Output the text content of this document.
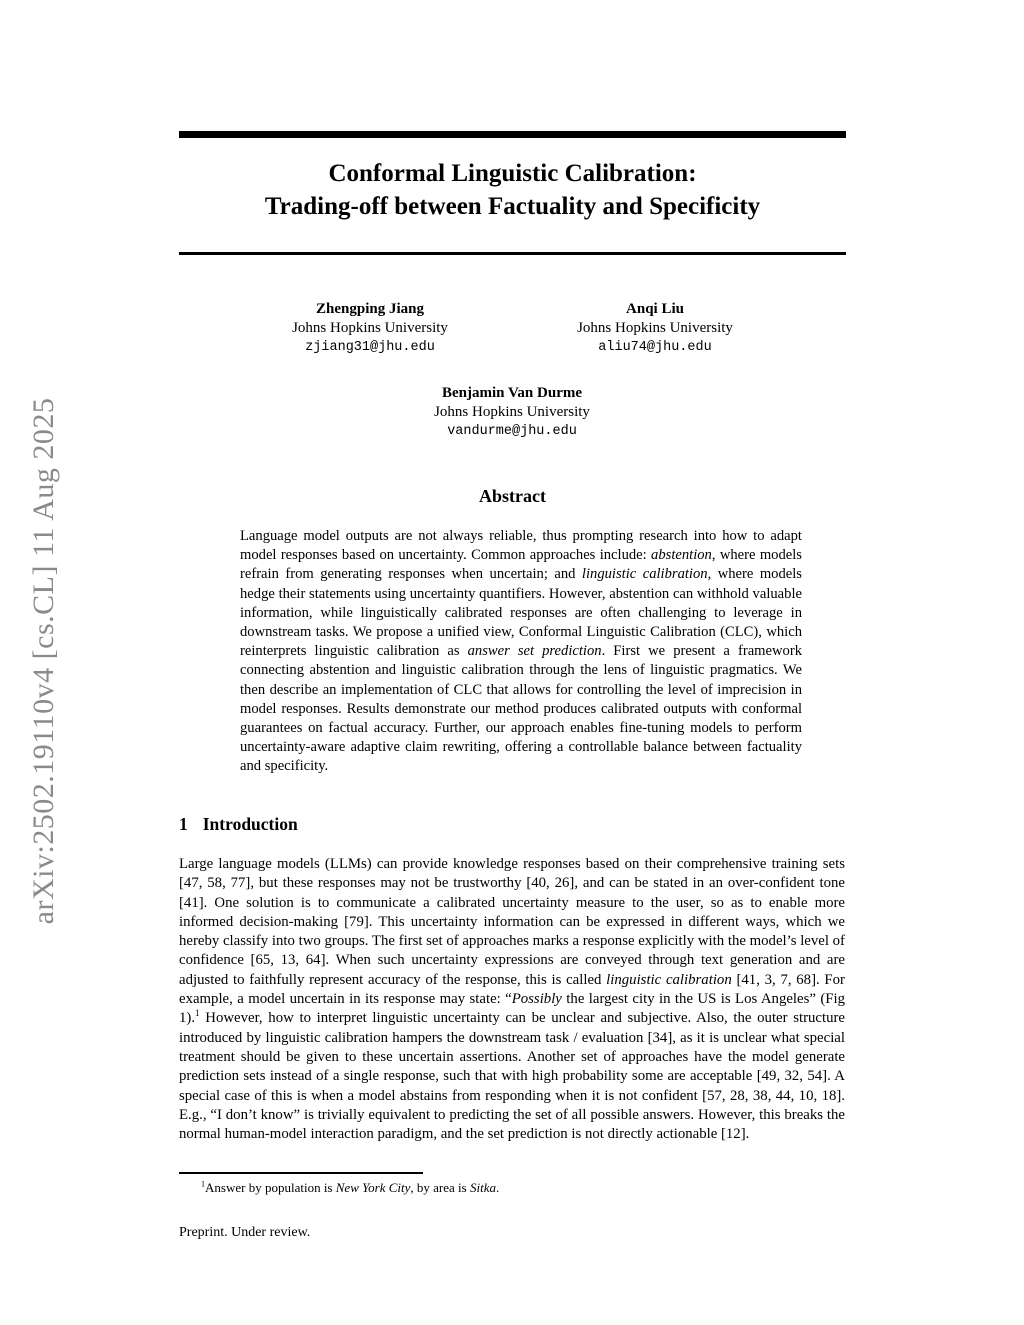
arXiv:2502.19110v4 [cs.CL] 11 Aug 2025
Conformal Linguistic Calibration:
Trading-off between Factuality and Specificity
Zhengping Jiang
Johns Hopkins University
zjiang31@jhu.edu
Anqi Liu
Johns Hopkins University
aliu74@jhu.edu
Benjamin Van Durme
Johns Hopkins University
vandurme@jhu.edu
Abstract

Language model outputs are not always reliable, thus prompting research into how to adapt model responses based on uncertainty. Common approaches include: abstention, where models refrain from generating responses when uncertain; and linguistic calibration, where models hedge their statements using uncertainty quantifiers. However, abstention can withhold valuable information, while linguistically calibrated responses are often challenging to leverage in downstream tasks. We propose a unified view, Conformal Linguistic Calibration (CLC), which reinterprets linguistic calibration as answer set prediction. First we present a framework connecting abstention and linguistic calibration through the lens of linguistic pragmatics. We then describe an implementation of CLC that allows for controlling the level of imprecision in model responses. Results demonstrate our method produces calibrated outputs with conformal guarantees on factual accuracy. Further, our approach enables fine-tuning models to perform uncertainty-aware adaptive claim rewriting, offering a controllable balance between factuality and specificity.

1 Introduction

Large language models (LLMs) can provide knowledge responses based on their comprehensive training sets [47, 58, 77], but these responses may not be trustworthy [40, 26], and can be stated in an over-confident tone [41]. One solution is to communicate a calibrated uncertainty measure to the user, so as to enable more informed decision-making [79]. This uncertainty information can be expressed in different ways, which we hereby classify into two groups. The first set of approaches marks a response explicitly with the model’s level of confidence [65, 13, 64]. When such uncertainty expressions are conveyed through text generation and are adjusted to faithfully represent accuracy of the response, this is called linguistic calibration [41, 3, 7, 68]. For example, a model uncertain in its response may state: “Possibly the largest city in the US is Los Angeles” (Fig 1).$^1$ However, how to interpret linguistic uncertainty can be unclear and subjective. Also, the outer structure introduced by linguistic calibration hampers the downstream task / evaluation [34], as it is unclear what special treatment should be given to these uncertain assertions. Another set of approaches have the model generate prediction sets instead of a single response, such that with high probability some are acceptable [49, 32, 54]. A special case of this is when a model abstains from responding when it is not confident [57, 28, 38, 44, 10, 18]. E.g., “I don’t know” is trivially equivalent to predicting the set of all possible answers. However, this breaks the normal human-model interaction paradigm, and the set prediction is not directly actionable [12].

$^1$Answer by population is New York City, by area is Sitka.

Preprint. Under review.
